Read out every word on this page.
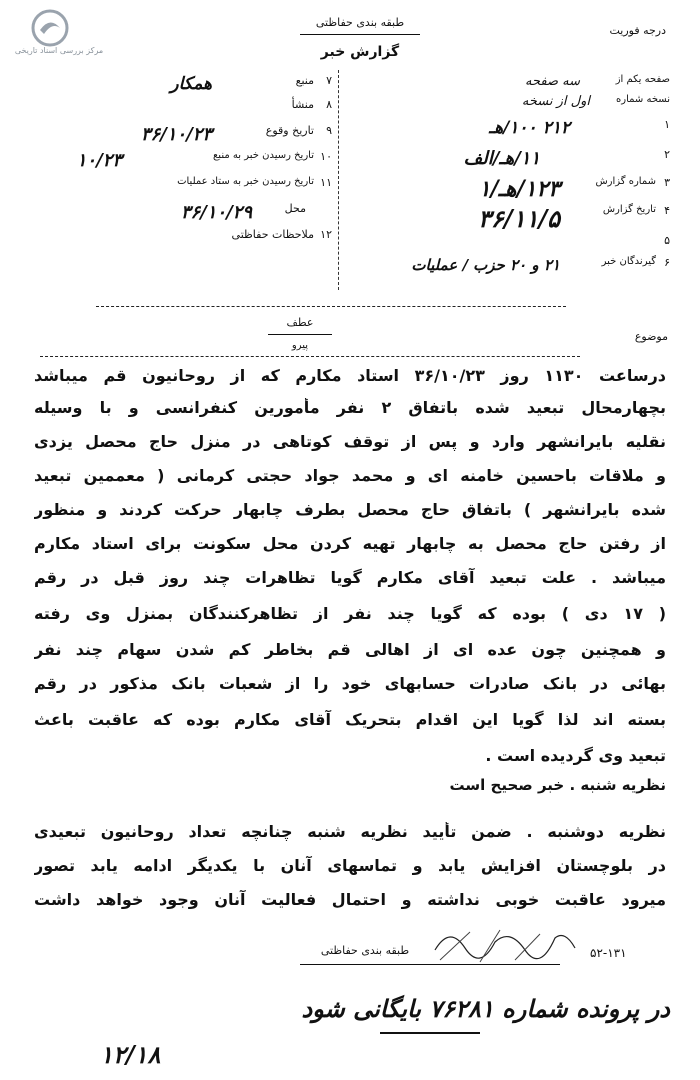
مرکز بررسی اسناد تاریخی
طبقه بندی حفاظتی
گزارش خبر
درجه فوریت
۷
منبع
همکار
۸
منشأ
۹
تاریخ وقوع
۳۶/۱۰/۲۳
۱۰
تاریخ رسیدن خبر به منبع
۱۰/۲۳
۱۱
تاریخ رسیدن خبر به ستاد عملیات
محل
۳۶/۱۰/۲۹
۱۲
ملاحظات حفاظتی
صفحه یکم از
سه صفحه
نسخه شماره
اول از نسخه
۱
۲۱۲ ۱۰۰/هـ
۲
۱۱/هـ/الف
۳
شماره گزارش
۱۲۳/هـ/۱
۴
تاریخ گزارش
۳۶/۱۱/۵
۵
۶
گیرندگان خبر
۲۱ و ۲۰ حزب / عملیات
عطف
پیرو
موضوع
درساعت ۱۱۳۰ روز ۳۶/۱۰/۲۳ استاد مکارم که از روحانیون قم میباشد
بچهارمحال تبعید شده باتفاق ۲ نفر مأمورین کنفرانسی و با وسیله
نقلیه بایرانشهر وارد و پس از توقف کوتاهی در منزل حاج محصل یزدی
و ملاقات باحسین خامنه ای و محمد جواد حجتی کرمانی ( معممین تبعید
شده بایرانشهر ) باتفاق حاج محصل بطرف چابهار حرکت کردند و منظور
از رفتن حاج محصل به چابهار تهیه کردن محل سکونت برای استاد مکارم
میباشد . علت تبعید آقای مکارم گویا تظاهرات چند روز قبل در رقم
( ۱۷ دی ) بوده که گویا چند نفر از تظاهرکنندگان بمنزل وی رفته
و همچنین چون عده ای از اهالی قم بخاطر کم شدن سهام چند نفر
بهائی در بانک صادرات حسابهای خود را از شعبات بانک مذکور در رقم
بسته اند لذا گویا این اقدام بتحریک آقای مکارم بوده که عاقبت باعث
تبعید وی گردیده است .
نظریه شنبه . خبر صحیح است
نظریه دوشنبه . ضمن تأیید نظریه شنبه چنانچه تعداد روحانیون تبعیدی
در بلوچستان افزایش یابد و تماسهای آنان با یکدیگر ادامه یابد تصور
میرود عاقبت خوبی نداشته و احتمال فعالیت آنان وجود خواهد داشت
طبقه بندی حفاظتی	۵۲-۱۳۱
در پرونده شماره ۷۶۲۸۱ بایگانی شود
۱۲/۱۸
